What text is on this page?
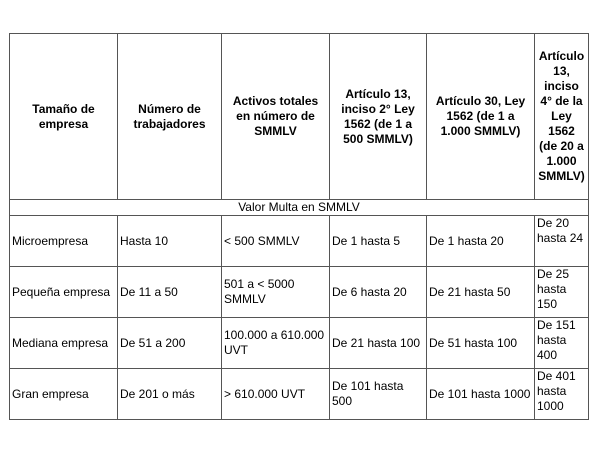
Tamaño de empresa	Número de trabajadores	Activos totales en número de SMMLV	Artículo 13, inciso 2° Ley 1562 (de 1 a 500 SMMLV)	Artículo 30, Ley 1562 (de 1 a 1.000 SMMLV)	Artículo 13, inciso 4° de la Ley 1562 (de 20 a 1.000 SMMLV)
Valor Multa en SMMLV					
Microempresa	Hasta 10	< 500 SMMLV	De 1 hasta 5	De 1 hasta 20	De 20 hasta 24
Pequeña empresa	De 11 a 50	501 a < 5000 SMMLV	De 6 hasta 20	De 21 hasta 50	De 25 hasta 150
Mediana empresa	De 51 a 200	100.000 a 610.000 UVT	De 21 hasta 100	De 51 hasta 100	De 151 hasta 400
Gran empresa	De 201 o más	> 610.000 UVT	De 101 hasta 500	De 101 hasta 1000	De 401 hasta 1000
